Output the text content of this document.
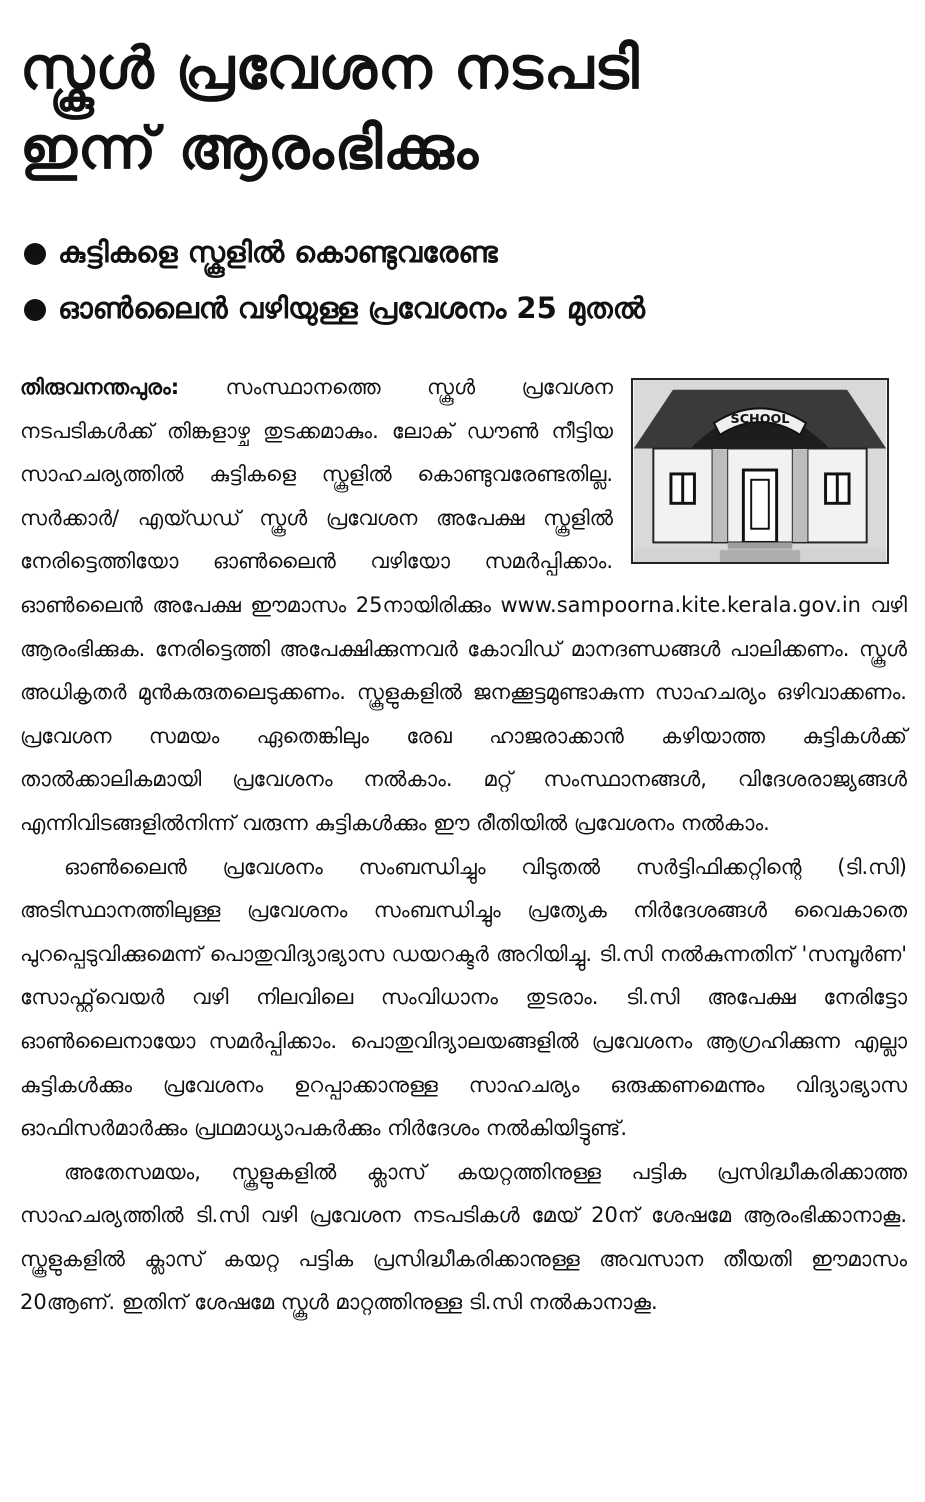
സ്കൂൾ പ്രവേശന നടപടി
ഇന്ന് ആരംഭിക്കും
കുട്ടികളെ സ്കൂളിൽ കൊണ്ടുവരേണ്ട
ഓൺലൈൻ വഴിയുള്ള പ്രവേശനം 25 മുതൽ
SCHOOL

തിരുവനന്തപുരം: സംസ്ഥാനത്തെ സ്കൂൾ പ്രവേശന നടപടികൾക്ക് തിങ്കളാഴ്ച തുടക്കമാകും. ലോക് ഡൗൺ നീട്ടിയ സാഹചര്യത്തിൽ കുട്ടികളെ സ്കൂളിൽ കൊണ്ടുവരേണ്ടതില്ല. സർക്കാർ/ എയ്ഡഡ് സ്കൂൾ പ്രവേശന അപേക്ഷ സ്കൂളിൽ നേരിട്ടെത്തിയോ ഓൺലൈൻ വഴിയോ സമർപ്പിക്കാം. ഓൺലൈൻ അപേക്ഷ ഈമാസം 25നായിരിക്കും www.sampoorna.kite.kerala.gov.in വഴി ആരംഭിക്കുക. നേരിട്ടെത്തി അപേക്ഷിക്കുന്നവർ കോവിഡ് മാനദണ്ഡങ്ങൾ പാലിക്കണം. സ്കൂൾ അധികൃതർ മുൻകരുതലെടുക്കണം. സ്കൂളുകളിൽ ജനക്കൂട്ടമുണ്ടാകുന്ന സാഹചര്യം ഒഴിവാക്കണം. പ്രവേശന സമയം ഏതെങ്കിലും രേഖ ഹാജരാക്കാൻ കഴിയാത്ത കുട്ടികൾക്ക് താൽക്കാലികമായി പ്രവേശനം നൽകാം. മറ്റ് സംസ്ഥാനങ്ങൾ, വിദേശരാജ്യങ്ങൾ എന്നിവിടങ്ങളിൽനിന്ന് വരുന്ന കുട്ടികൾക്കും ഈ രീതിയിൽ പ്രവേശനം നൽകാം.

ഓൺലൈൻ പ്രവേശനം സംബന്ധിച്ചും വിടുതൽ സർട്ടിഫിക്കറ്റിന്റെ (ടി.സി) അടിസ്ഥാനത്തിലുള്ള പ്രവേശനം സംബന്ധിച്ചും പ്രത്യേക നിർദേശങ്ങൾ വൈകാതെ പുറപ്പെടുവിക്കുമെന്ന് പൊതുവിദ്യാഭ്യാസ ഡയറക്ടർ അറിയിച്ചു. ടി.സി നൽകുന്നതിന് 'സമ്പൂർണ' സോഫ്റ്റ്‌വെയർ വഴി നിലവിലെ സംവിധാനം തുടരാം. ടി.സി അപേക്ഷ നേരിട്ടോ ഓൺലൈനായോ സമർപ്പിക്കാം. പൊതുവിദ്യാലയങ്ങളിൽ പ്രവേശനം ആഗ്രഹിക്കുന്ന എല്ലാ കുട്ടികൾക്കും പ്രവേശനം ഉറപ്പാക്കാനുള്ള സാഹചര്യം ഒരുക്കണമെന്നും വിദ്യാഭ്യാസ ഓഫിസർമാർക്കും പ്രഥമാധ്യാപകർക്കും നിർദേശം നൽകിയിട്ടുണ്ട്.

അതേസമയം, സ്കൂളുകളിൽ ക്ലാസ് കയറ്റത്തിനുള്ള പട്ടിക പ്രസിദ്ധീകരിക്കാത്ത സാഹചര്യത്തിൽ ടി.സി വഴി പ്രവേശന നടപടികൾ മേയ് 20ന് ശേഷമേ ആരംഭിക്കാനാകൂ. സ്കൂളുകളിൽ ക്ലാസ് കയറ്റ പട്ടിക പ്രസിദ്ധീകരിക്കാനുള്ള അവസാന തീയതി ഈമാസം 20ആണ്. ഇതിന് ശേഷമേ സ്കൂൾ മാറ്റത്തിനുള്ള ടി.സി നൽകാനാകൂ.
